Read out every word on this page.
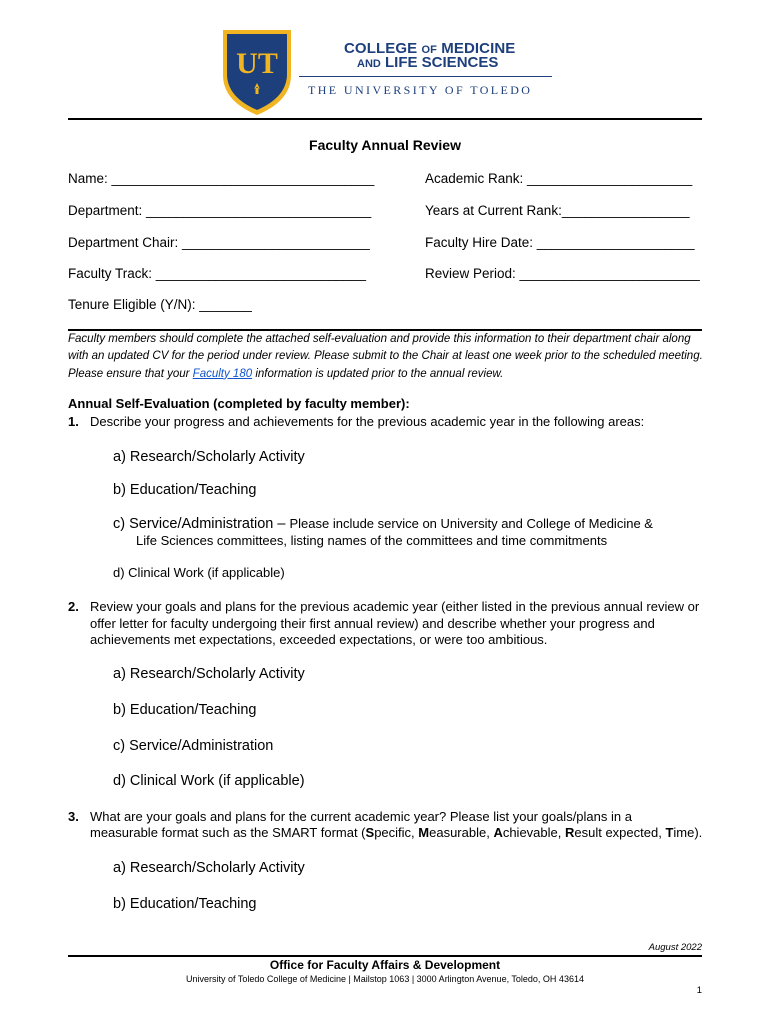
UT	COLLEGE OF MEDICINE
AND LIFE SCIENCES
THE UNIVERSITY OF TOLEDO
Faculty Annual Review
Name: ___________________________________	Academic Rank: ______________________
Department: ______________________________	Years at Current Rank:_________________
Department Chair: _________________________	Faculty Hire Date: _____________________
Faculty Track: ____________________________	Review Period: ________________________
Tenure Eligible (Y/N): _______
Faculty members should complete the attached self-evaluation and provide this information to their department chair along with an updated CV for the period under review. Please submit to the Chair at least one week prior to the scheduled meeting. Please ensure that your Faculty 180 information is updated prior to the annual review.
Annual Self-Evaluation (completed by faculty member):
1. Describe your progress and achievements for the previous academic year in the following areas:
a) Research/Scholarly Activity
b) Education/Teaching
c) Service/Administration – Please include service on University and College of Medicine &
Life Sciences committees, listing names of the committees and time commitments
d) Clinical Work (if applicable)
2. Review your goals and plans for the previous academic year (either listed in the previous annual review or
offer letter for faculty undergoing their first annual review) and describe whether your progress and
achievements met expectations, exceeded expectations, or were too ambitious.
a) Research/Scholarly Activity
b) Education/Teaching
c) Service/Administration
d) Clinical Work (if applicable)
3. What are your goals and plans for the current academic year? Please list your goals/plans in a
measurable format such as the SMART format (Specific, Measurable, Achievable, Result expected, Time).
a) Research/Scholarly Activity
b) Education/Teaching
August 2022
Office for Faculty Affairs & Development
University of Toledo College of Medicine | Mailstop 1063 | 3000 Arlington Avenue, Toledo, OH 43614
1
